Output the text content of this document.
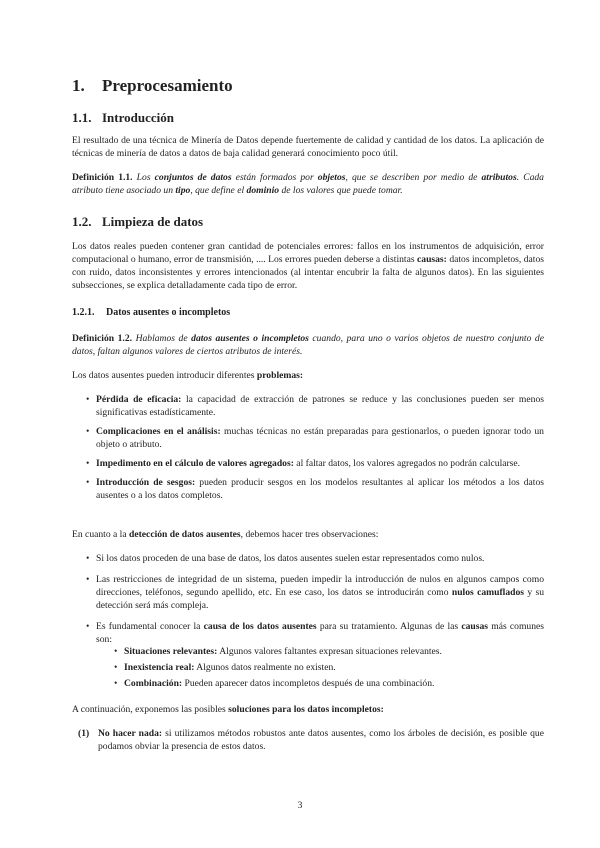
1. Preprocesamiento
1.1. Introducción

El resultado de una técnica de Minería de Datos depende fuertemente de calidad y cantidad de los datos. La aplicación de técnicas de minería de datos a datos de baja calidad generará conocimiento poco útil.

Definición 1.1. Los conjuntos de datos están formados por objetos, que se describen por medio de atributos. Cada atributo tiene asociado un tipo, que define el dominio de los valores que puede tomar.

1.2. Limpieza de datos

Los datos reales pueden contener gran cantidad de potenciales errores: fallos en los instrumentos de adquisición, error computacional o humano, error de transmisión, .... Los errores pueden deberse a distintas causas: datos incompletos, datos con ruido, datos inconsistentes y errores intencionados (al intentar encubrir la falta de algunos datos). En las siguientes subsecciones, se explica detalladamente cada tipo de error.

1.2.1. Datos ausentes o incompletos

Definición 1.2. Hablamos de datos ausentes o incompletos cuando, para uno o varios objetos de nuestro conjunto de datos, faltan algunos valores de ciertos atributos de interés.

Los datos ausentes pueden introducir diferentes problemas:

• Pérdida de eficacia: la capacidad de extracción de patrones se reduce y las conclusiones pueden ser menos significativas estadísticamente.
• Complicaciones en el análisis: muchas técnicas no están preparadas para gestionarlos, o pueden ignorar todo un objeto o atributo.
• Impedimento en el cálculo de valores agregados: al faltar datos, los valores agregados no podrán calcularse.
• Introducción de sesgos: pueden producir sesgos en los modelos resultantes al aplicar los métodos a los datos ausentes o a los datos completos.

En cuanto a la detección de datos ausentes, debemos hacer tres observaciones:

• Si los datos proceden de una base de datos, los datos ausentes suelen estar representados como nulos.
• Las restricciones de integridad de un sistema, pueden impedir la introducción de nulos en algunos campos como direcciones, teléfonos, segundo apellido, etc. En ese caso, los datos se introducirán como nulos camuflados y su detección será más compleja.
• Es fundamental conocer la causa de los datos ausentes para su tratamiento. Algunas de las causas más comunes son:
• Situaciones relevantes: Algunos valores faltantes expresan situaciones relevantes.
• Inexistencia real: Algunos datos realmente no existen.
• Combinación: Pueden aparecer datos incompletos después de una combinación.

A continuación, exponemos las posibles soluciones para los datos incompletos:

(1) No hacer nada: si utilizamos métodos robustos ante datos ausentes, como los árboles de decisión, es posible que podamos obviar la presencia de estos datos.
3
